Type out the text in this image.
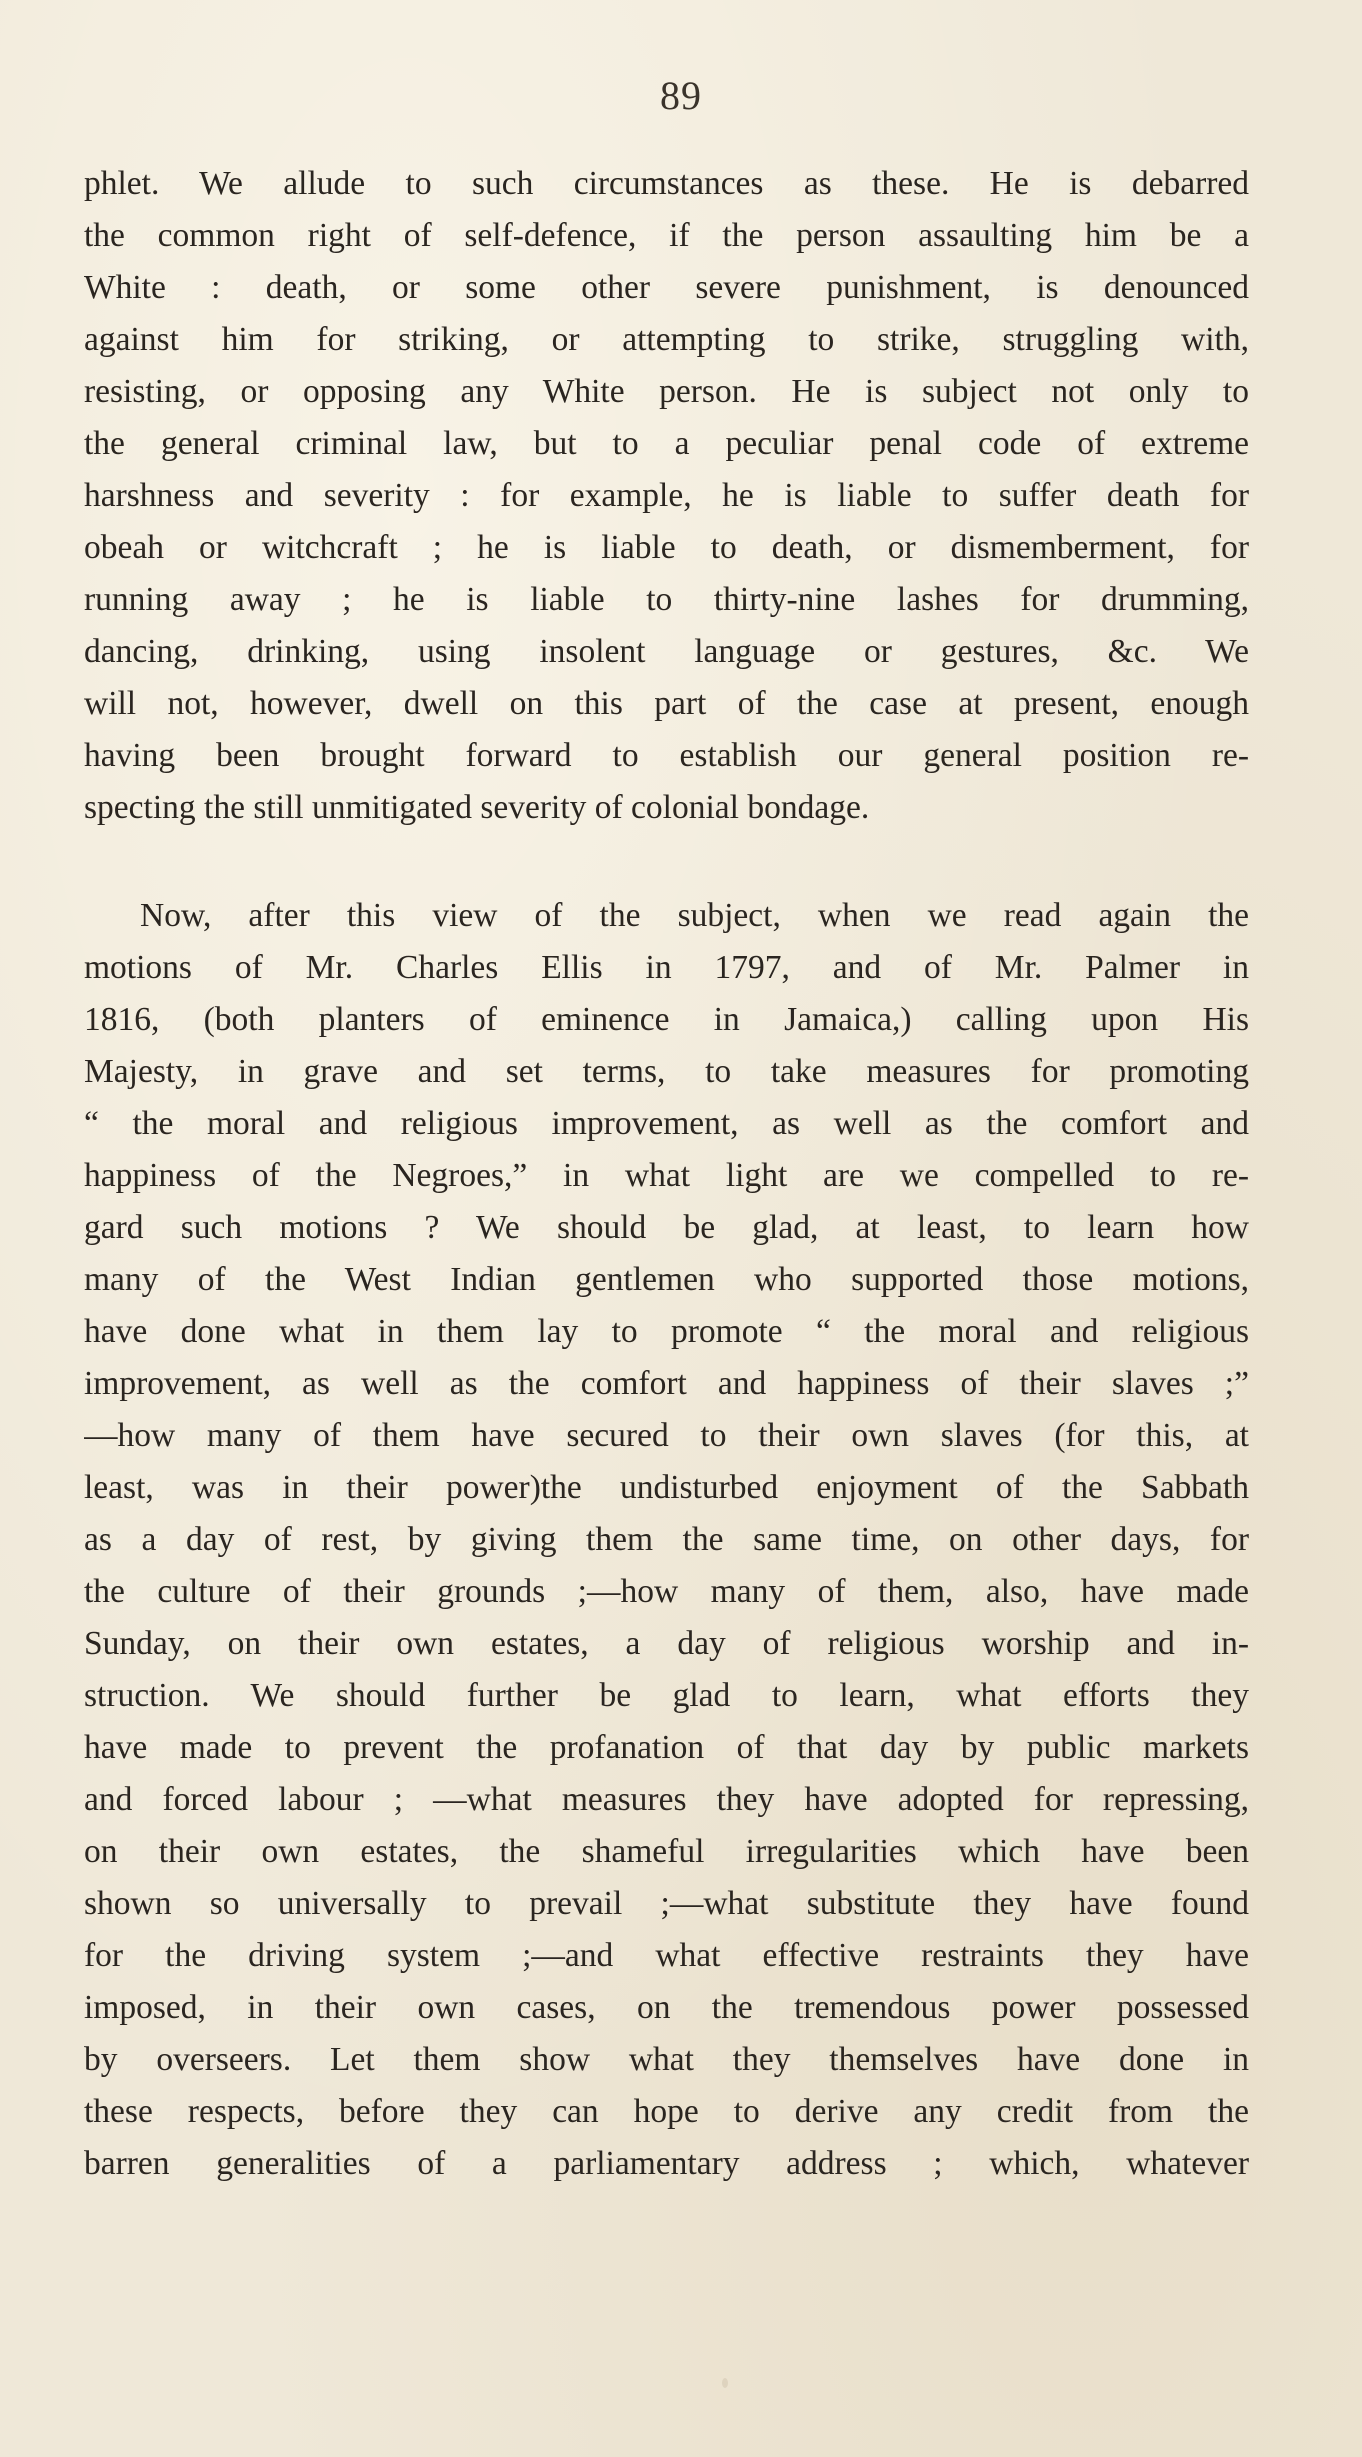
89
phlet. We allude to such circumstances as these. He is debarred
the common right of self-defence, if the person assaulting him be a
White : death, or some other severe punishment, is denounced
against him for striking, or attempting to strike, struggling with,
resisting, or opposing any White person. He is subject not only to
the general criminal law, but to a peculiar penal code of extreme
harshness and severity : for example, he is liable to suffer death for
obeah or witchcraft ; he is liable to death, or dismemberment, for
running away ; he is liable to thirty-nine lashes for drumming,
dancing, drinking, using insolent language or gestures, &c. We
will not, however, dwell on this part of the case at present, enough
having been brought forward to establish our general position re-
specting the still unmitigated severity of colonial bondage.
Now, after this view of the subject, when we read again the
motions of Mr. Charles Ellis in 1797, and of Mr. Palmer in
1816, (both planters of eminence in Jamaica,) calling upon His
Majesty, in grave and set terms, to take measures for promoting
“ the moral and religious improvement, as well as the comfort and
happiness of the Negroes,” in what light are we compelled to re-
gard such motions ? We should be glad, at least, to learn how
many of the West Indian gentlemen who supported those motions,
have done what in them lay to promote “ the moral and religious
improvement, as well as the comfort and happiness of their slaves ;”
—how many of them have secured to their own slaves (for this, at
least, was in their power)the undisturbed enjoyment of the Sabbath
as a day of rest, by giving them the same time, on other days, for
the culture of their grounds ;—how many of them, also, have made
Sunday, on their own estates, a day of religious worship and in-
struction. We should further be glad to learn, what efforts they
have made to prevent the profanation of that day by public markets
and forced labour ; —what measures they have adopted for repressing,
on their own estates, the shameful irregularities which have been
shown so universally to prevail ;—what substitute they have found
for the driving system ;—and what effective restraints they have
imposed, in their own cases, on the tremendous power possessed
by overseers. Let them show what they themselves have done in
these respects, before they can hope to derive any credit from the
barren generalities of a parliamentary address ; which, whatever
